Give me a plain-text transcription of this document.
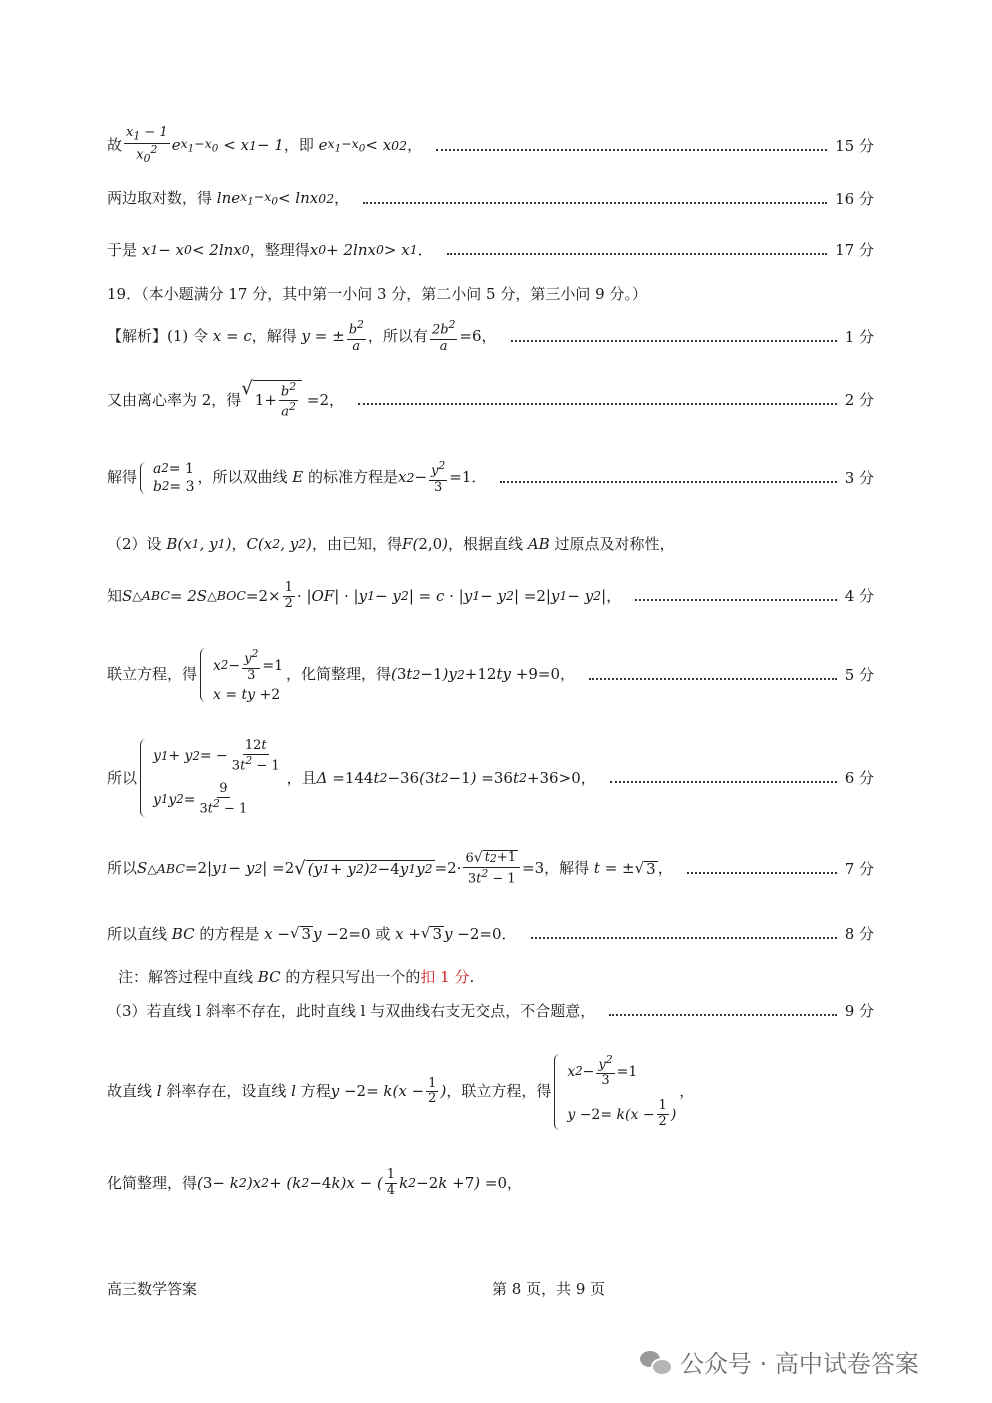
故 $\frac{x_1 - 1}{x_0^2}$ e $x_1-x_0 < x$ 1 − 1 ，即 e $x_1-x_0 < x$ 0 2 ，	15 分
两边取对数，得 lne $x_1-x_0 < \ln x$ 0 2 ，	16 分
于是 x 1 − x 0 < 2lnx 0 ，整理得 x 0 + 2lnx 0 > x 1 ．	17 分
19．（本小题满分 17 分，其中第一小问 3 分，第二小问 5 分，第三小问 9 分。）
【解析】(1) 令 x = c ，解得 y = ± $\frac{b^2}{a}$ ，所以有 $\frac{2b^2}{a} = 6$ ，	1 分
又由离心率为 2，得
√
$1 + \frac{b^2}{a^2} = 2$ ，	2 分
解得 a 2 = 1
b 2 = 3
，所以双曲线 E 的标准方程是 x $2 - \frac{y^2}{3} = 1$ ．	3 分
（2）设 B(x 1 , y 1 ) ， C(x 2 , y 2 ) ，由已知，得 F( 2,0 ) ，根据直线 AB 过原点及对称性，
知 S △ABC = 2S △BOC = $2 \times \frac{1}{2} \cdot |OF| \cdot |y$ 1 − y 2 | = c · |y 1 − y 2 | = 2 |y 1 − y 2 | ，	4 分
联立方程，得 x $2 - \frac{y^2}{3} = 1$
x = ty + 2
，化简整理，得 ( 3 t 2 − 1 )y 2 + 12 ty + 9 = 0 ，	5 分
所以
y 1 + y 2 = − $\frac{12t}{3t^2 - 1}$
y 1 y $2 = \frac{9}{3t^2 - 1}$
，且 Δ = 144 t 2 − 36 ( 3 t 2 − 1 ) = 36 t 2 + 36 > 0 ，	6 分
所以 S △ABC = 2 |y 1 − y 2 | = 2 √ (y 1 + y 2 ) 2 − 4 y 1 y $2 = 2 \cdot \frac{6 √ t 2 + 1}{3t^2 - 1} = 3$ ，解得 t = ± √ 3 ，	7 分
所以直线 BC 的方程是 x − √ 3 y − 2 = 0
或 x + √ 3 y − 2 = 0 ．	8 分
注：解答过程中直线 BC 的方程只写出一个的 扣 1 分 .
（3）若直线 l 斜率不存在，此时直线 l 与双曲线右支无交点，不合题意，	9 分
故直线 l 斜率存在，设直线 l 方程 $y - 2 = k(x - \frac{1}{2}$ ) ，联立方程，得
x $2 - \frac{y^2}{3} = 1$
$y - 2 = k(x - \frac{1}{2}$ )
，
化简整理，得 ( 3 − k 2 )x 2 + (k 2 − 4 k)x − ( $\frac{1}{4}$ k 2 − 2 k + 7 ) = 0 ，
高三数学答案	第 8 页，共 9 页
公众号 · 高中试卷答案
